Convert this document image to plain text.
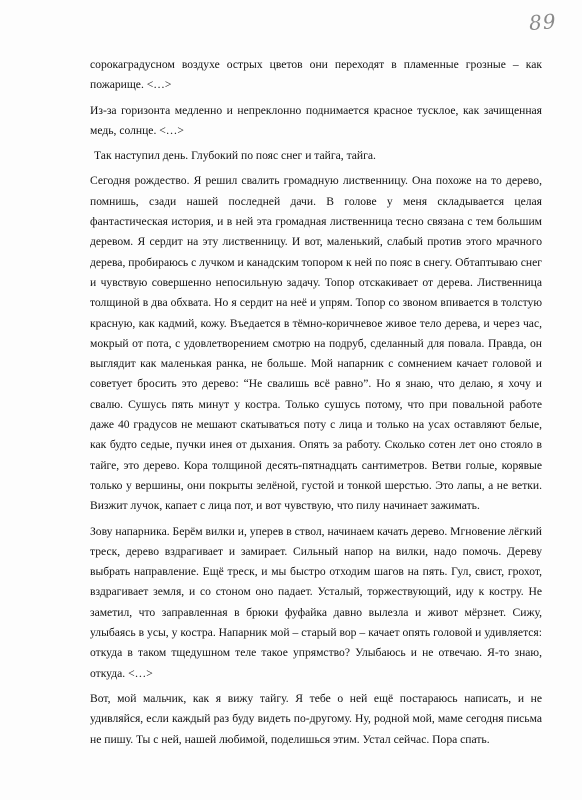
89

сорокаградусном воздухе острых цветов они переходят в пламенные грозные – как пожарище. <…>

Из-за горизонта медленно и непреклонно поднимается красное тусклое, как зачищенная медь, солнце. <…>

Так наступил день. Глубокий по пояс снег и тайга, тайга.

Сегодня рождество. Я решил свалить громадную лиственницу. Она похоже на то дерево, помнишь, сзади нашей последней дачи. В голове у меня складывается целая фантастическая история, и в ней эта громадная лиственница тесно связана с тем большим деревом. Я сердит на эту лиственницу. И вот, маленький, слабый против этого мрачного дерева, пробираюсь с лучком и канадским топором к ней по пояс в снегу. Обтаптываю снег и чувствую совершенно непосильную задачу. Топор отскакивает от дерева. Лиственница толщиной в два обхвата. Но я сердит на неё и упрям. Топор со звоном впивается в толстую красную, как кадмий, кожу. Въедается в тёмно-коричневое живое тело дерева, и через час, мокрый от пота, с удовлетворением смотрю на подруб, сделанный для повала. Правда, он выглядит как маленькая ранка, не больше. Мой напарник с сомнением качает головой и советует бросить это дерево: “Не свалишь всё равно”. Но я знаю, что делаю, я хочу и свалю. Сушусь пять минут у костра. Только сушусь потому, что при повальной работе даже 40 градусов не мешают скатываться поту с лица и только на усах оставляют белые, как будто седые, пучки инея от дыхания. Опять за работу. Сколько сотен лет оно стояло в тайге, это дерево. Кора толщиной десять-пятнадцать сантиметров. Ветви голые, корявые только у вершины, они покрыты зелёной, густой и тонкой шерстью. Это лапы, а не ветки. Визжит лучок, капает с лица пот, и вот чувствую, что пилу начинает зажимать.

Зову напарника. Берём вилки и, уперев в ствол, начинаем качать дерево. Мгновение лёгкий треск, дерево вздрагивает и замирает. Сильный напор на вилки, надо помочь. Дереву выбрать направление. Ещё треск, и мы быстро отходим шагов на пять. Гул, свист, грохот, вздрагивает земля, и со стоном оно падает. Усталый, торжествующий, иду к костру. Не заметил, что заправленная в брюки фуфайка давно вылезла и живот мёрзнет. Сижу, улыбаясь в усы, у костра. Напарник мой – старый вор – качает опять головой и удивляется: откуда в таком тщедушном теле такое упрямство? Улыбаюсь и не отвечаю. Я-то знаю, откуда. <…>

Вот, мой мальчик, как я вижу тайгу. Я тебе о ней ещё постараюсь написать, и не удивляйся, если каждый раз буду видеть по-другому. Ну, родной мой, маме сегодня письма не пишу. Ты с ней, нашей любимой, поделишься этим. Устал сейчас. Пора спать.
